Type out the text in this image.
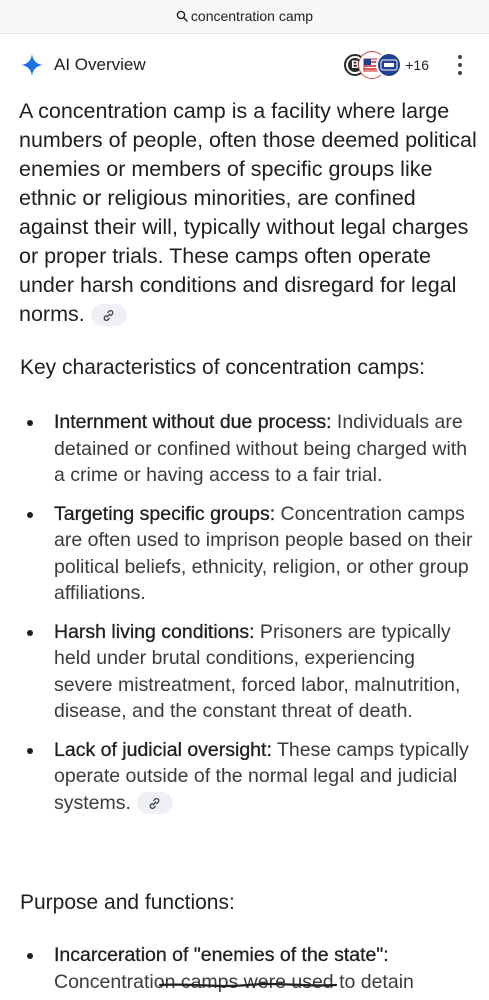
concentration camp
AI Overview	B	+16
A concentration camp is a facility where large numbers of people, often those deemed political enemies or members of specific groups like ethnic or religious minorities, are confined against their will, typically without legal charges or proper trials. These camps often operate under harsh conditions and disregard for legal norms.
Key characteristics of concentration camps:
Internment without due process: Individuals are detained or confined without being charged with a crime or having access to a fair trial.
Targeting specific groups: Concentration camps are often used to imprison people based on their political beliefs, ethnicity, religion, or other group affiliations.
Harsh living conditions: Prisoners are typically held under brutal conditions, experiencing severe mistreatment, forced labor, malnutrition, disease, and the constant threat of death.
Lack of judicial oversight: These camps typically operate outside of the normal legal and judicial systems.
Purpose and functions:
Incarceration of "enemies of the state": Concentration camps were used to detain
